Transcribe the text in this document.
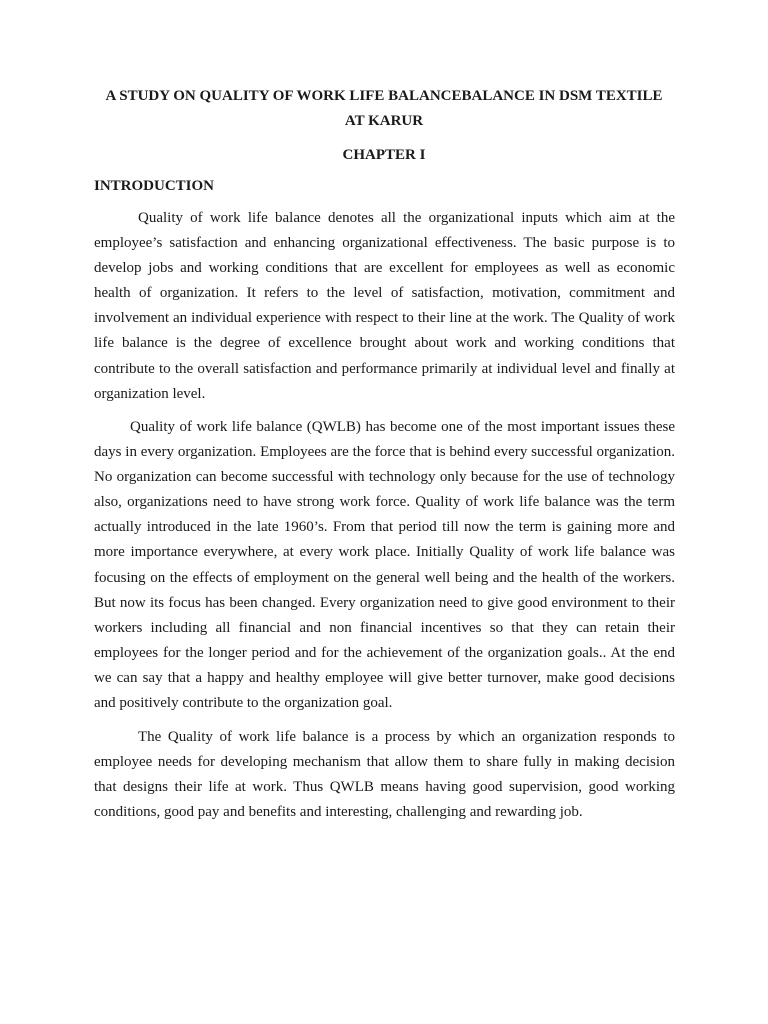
A STUDY ON QUALITY OF WORK LIFE BALANCEBALANCE IN DSM TEXTILE
AT KARUR
CHAPTER I
INTRODUCTION

Quality of work life balance denotes all the organizational inputs which aim at the employee’s satisfaction and enhancing organizational effectiveness. The basic purpose is to develop jobs and working conditions that are excellent for employees as well as economic health of organization. It refers to the level of satisfaction, motivation, commitment and involvement an individual experience with respect to their line at the work. The Quality of work life balance is the degree of excellence brought about work and working conditions that contribute to the overall satisfaction and performance primarily at individual level and finally at organization level.

Quality of work life balance (QWLB) has become one of the most important issues these days in every organization. Employees are the force that is behind every successful organization. No organization can become successful with technology only because for the use of technology also, organizations need to have strong work force. Quality of work life balance was the term actually introduced in the late 1960’s. From that period till now the term is gaining more and more importance everywhere, at every work place. Initially Quality of work life balance was focusing on the effects of employment on the general well being and the health of the workers. But now its focus has been changed. Every organization need to give good environment to their workers including all financial and non financial incentives so that they can retain their employees for the longer period and for the achievement of the organization goals.. At the end we can say that a happy and healthy employee will give better turnover, make good decisions and positively contribute to the organization goal.

The Quality of work life balance is a process by which an organization responds to employee needs for developing mechanism that allow them to share fully in making decision that designs their life at work. Thus QWLB means having good supervision, good working conditions, good pay and benefits and interesting, challenging and rewarding job.
